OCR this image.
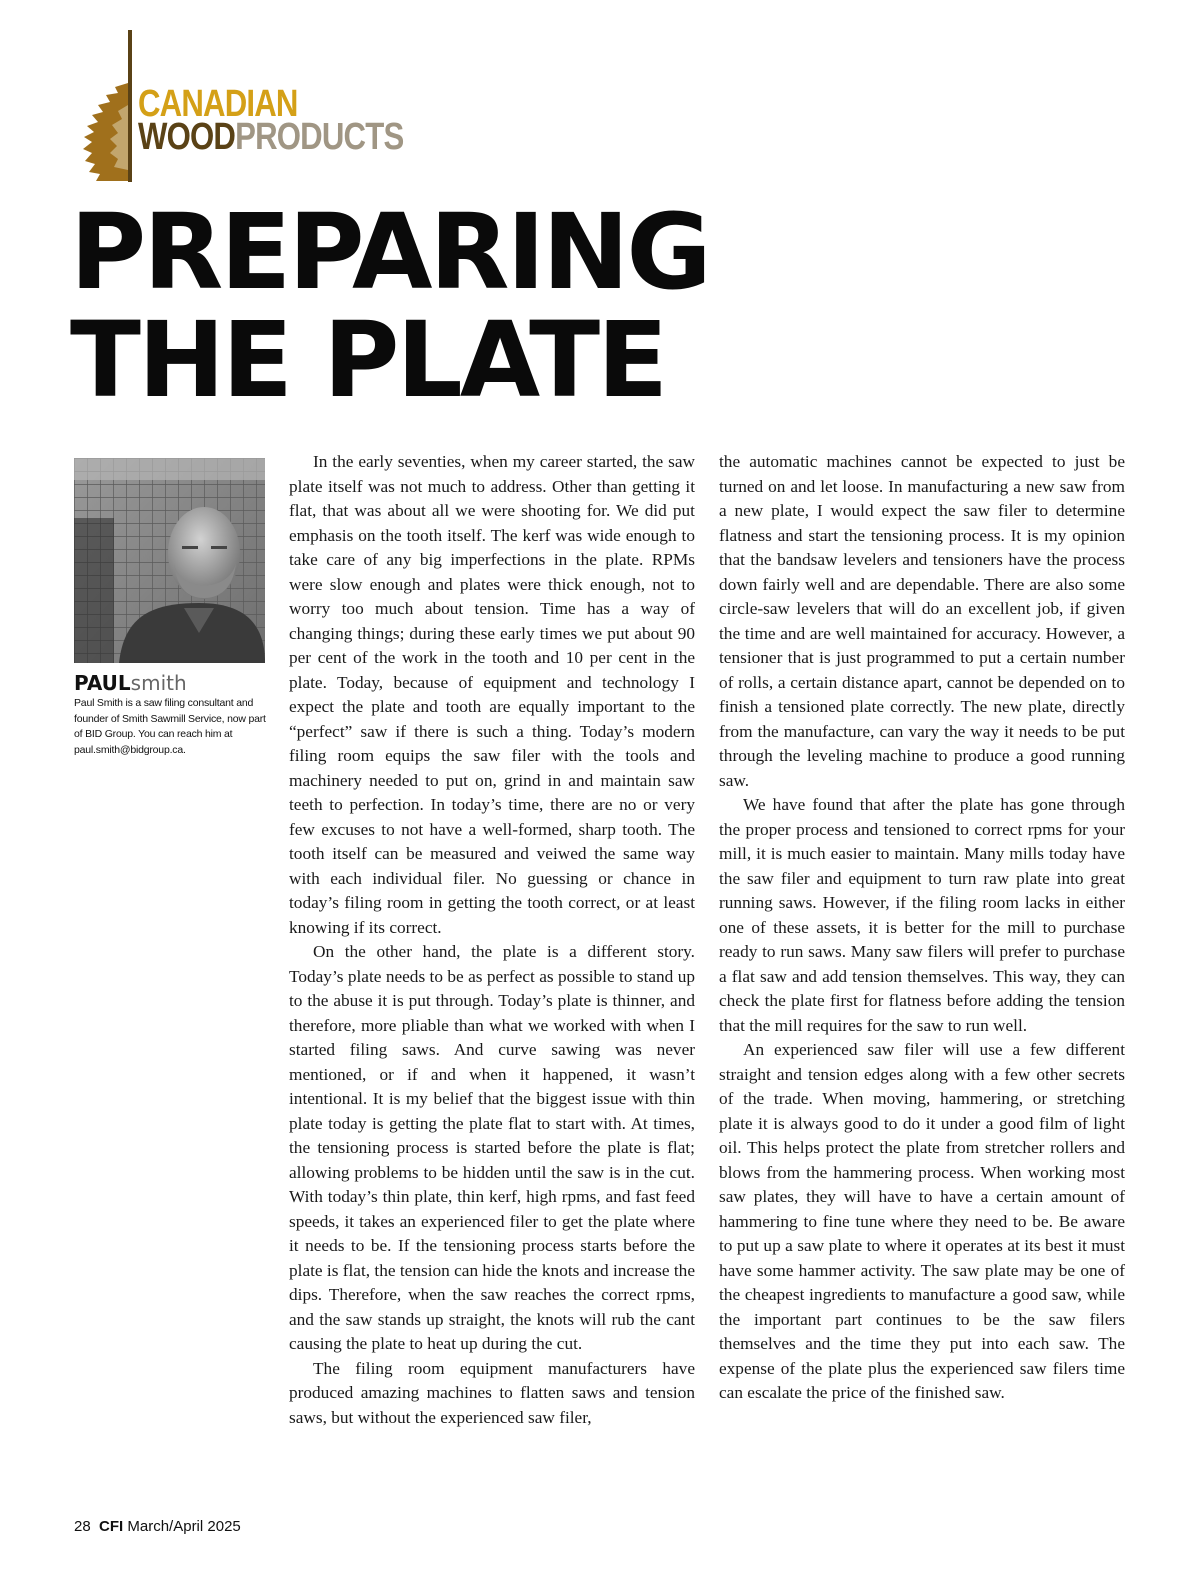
CANADIAN
WOODPRODUCTS
PREPARING
THE PLATE
PAULsmith
Paul Smith is a saw filing consultant and founder of Smith Sawmill Service, now part of BID Group. You can reach him at paul.smith@bidgroup.ca.

In the early seventies, when my career started, the saw plate itself was not much to address. Other than getting it flat, that was about all we were shooting for. We did put emphasis on the tooth itself. The kerf was wide enough to take care of any big imperfections in the plate. RPMs were slow enough and plates were thick enough, not to worry too much about tension. Time has a way of changing things; during these early times we put about 90 per cent of the work in the tooth and 10 per cent in the plate. Today, because of equipment and technology I expect the plate and tooth are equally important to the “perfect” saw if there is such a thing. Today’s modern filing room equips the saw filer with the tools and machinery needed to put on, grind in and maintain saw teeth to perfection. In today’s time, there are no or very few excuses to not have a well-formed, sharp tooth. The tooth itself can be measured and veiwed the same way with each individual filer. No guessing or chance in today’s filing room in getting the tooth correct, or at least knowing if its correct.

On the other hand, the plate is a different story. Today’s plate needs to be as perfect as possible to stand up to the abuse it is put through. Today’s plate is thinner, and therefore, more pliable than what we worked with when I started filing saws. And curve sawing was never mentioned, or if and when it happened, it wasn’t intentional. It is my belief that the biggest issue with thin plate today is getting the plate flat to start with. At times, the tensioning process is started before the plate is flat; allowing problems to be hidden until the saw is in the cut. With today’s thin plate, thin kerf, high rpms, and fast feed speeds, it takes an experienced filer to get the plate where it needs to be. If the tensioning process starts before the plate is flat, the tension can hide the knots and increase the dips. Therefore, when the saw reaches the correct rpms, and the saw stands up straight, the knots will rub the cant causing the plate to heat up during the cut.

The filing room equipment manufacturers have produced amazing machines to flatten saws and tension saws, but without the experienced saw filer,

the automatic machines cannot be expected to just be turned on and let loose. In manufacturing a new saw from a new plate, I would expect the saw filer to determine flatness and start the tensioning process. It is my opinion that the bandsaw levelers and tensioners have the process down fairly well and are dependable. There are also some circle-saw levelers that will do an excellent job, if given the time and are well maintained for accuracy. However, a tensioner that is just programmed to put a certain number of rolls, a certain distance apart, cannot be depended on to finish a tensioned plate correctly. The new plate, directly from the manufacture, can vary the way it needs to be put through the leveling machine to produce a good running saw.

We have found that after the plate has gone through the proper process and tensioned to correct rpms for your mill, it is much easier to maintain. Many mills today have the saw filer and equipment to turn raw plate into great running saws. However, if the filing room lacks in either one of these assets, it is better for the mill to purchase ready to run saws. Many saw filers will prefer to purchase a flat saw and add tension themselves. This way, they can check the plate first for flatness before adding the tension that the mill requires for the saw to run well.

An experienced saw filer will use a few different straight and tension edges along with a few other secrets of the trade. When moving, hammering, or stretching plate it is always good to do it under a good film of light oil. This helps protect the plate from stretcher rollers and blows from the hammering process. When working most saw plates, they will have to have a certain amount of hammering to fine tune where they need to be. Be aware to put up a saw plate to where it operates at its best it must have some hammer activity. The saw plate may be one of the cheapest ingredients to manufacture a good saw, while the important part continues to be the saw filers themselves and the time they put into each saw. The expense of the plate plus the experienced saw filers time can escalate the price of the finished saw.

28 CFI March/April 2025
